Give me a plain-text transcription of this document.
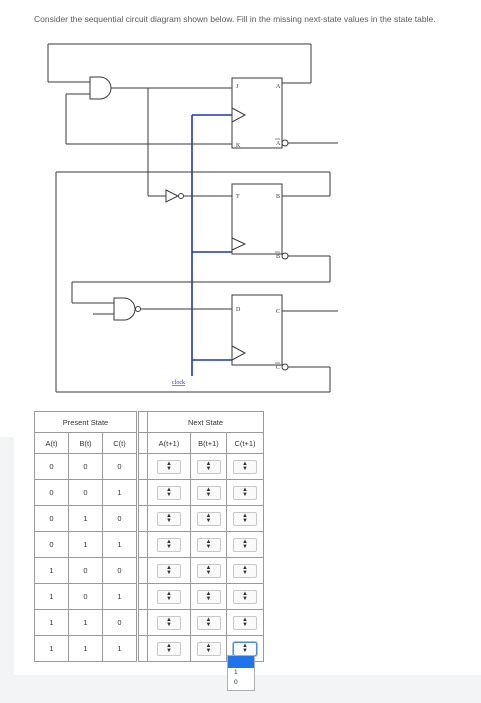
Consider the sequential circuit diagram shown below. Fill in the missing next-state values in the state table.
J
K
A
A
T	B
B
D	C
C
clock
Present State				Next State		
A(t)	B(t)	C(t)		A(t+1)	B(t+1)	C(t+1)
0	0	0		▲
▼	▲
▼	▲
▼

0	0	1		▲
▼	▲
▼	▲
▼

0	1	0		▲
▼	▲
▼	▲
▼

0	1	1		▲
▼	▲
▼	▲
▼

1	0	0		▲
▼	▲
▼	▲
▼

1	0	1		▲
▼	▲
▼	▲
▼

1	1	0		▲
▼	▲
▼	▲
▼

1	1	1		▲
▼	▲
▼	▲
▼
1
0
